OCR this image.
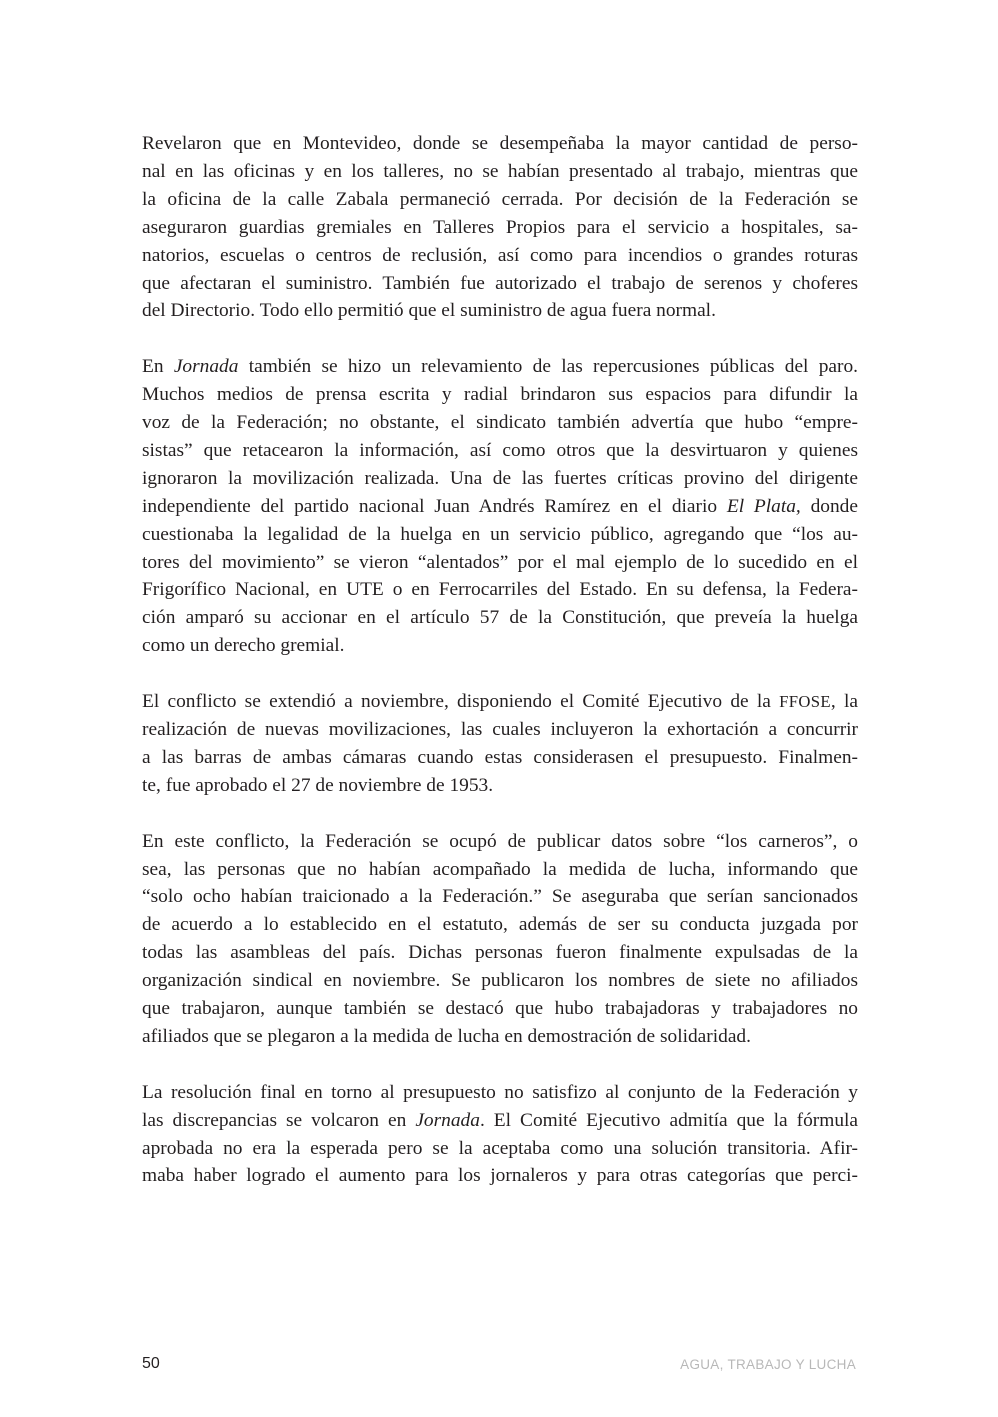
Revelaron que en Montevideo, donde se desempeñaba la mayor cantidad de perso-
nal en las oficinas y en los talleres, no se habían presentado al trabajo, mientras que
la oficina de la calle Zabala permaneció cerrada. Por decisión de la Federación se
aseguraron guardias gremiales en Talleres Propios para el servicio a hospitales, sa-
natorios, escuelas o centros de reclusión, así como para incendios o grandes roturas
que afectaran el suministro. También fue autorizado el trabajo de serenos y choferes
del Directorio. Todo ello permitió que el suministro de agua fuera normal.
En Jornada también se hizo un relevamiento de las repercusiones públicas del paro.
Muchos medios de prensa escrita y radial brindaron sus espacios para difundir la
voz de la Federación; no obstante, el sindicato también advertía que hubo “empre-
sistas” que retacearon la información, así como otros que la desvirtuaron y quienes
ignoraron la movilización realizada. Una de las fuertes críticas provino del dirigente
independiente del partido nacional Juan Andrés Ramírez en el diario El Plata, donde
cuestionaba la legalidad de la huelga en un servicio público, agregando que “los au-
tores del movimiento” se vieron “alentados” por el mal ejemplo de lo sucedido en el
Frigorífico Nacional, en UTE o en Ferrocarriles del Estado. En su defensa, la Federa-
ción amparó su accionar en el artículo 57 de la Constitución, que preveía la huelga
como un derecho gremial.
El conflicto se extendió a noviembre, disponiendo el Comité Ejecutivo de la FFOSE, la
realización de nuevas movilizaciones, las cuales incluyeron la exhortación a concurrir
a las barras de ambas cámaras cuando estas considerasen el presupuesto. Finalmen-
te, fue aprobado el 27 de noviembre de 1953.
En este conflicto, la Federación se ocupó de publicar datos sobre “los carneros”, o
sea, las personas que no habían acompañado la medida de lucha, informando que
“solo ocho habían traicionado a la Federación.” Se aseguraba que serían sancionados
de acuerdo a lo establecido en el estatuto, además de ser su conducta juzgada por
todas las asambleas del país. Dichas personas fueron finalmente expulsadas de la
organización sindical en noviembre. Se publicaron los nombres de siete no afiliados
que trabajaron, aunque también se destacó que hubo trabajadoras y trabajadores no
afiliados que se plegaron a la medida de lucha en demostración de solidaridad.
La resolución final en torno al presupuesto no satisfizo al conjunto de la Federación y
las discrepancias se volcaron en Jornada. El Comité Ejecutivo admitía que la fórmula
aprobada no era la esperada pero se la aceptaba como una solución transitoria. Afir-
maba haber logrado el aumento para los jornaleros y para otras categorías que perci-
50	AGUA, TRABAJO Y LUCHA
